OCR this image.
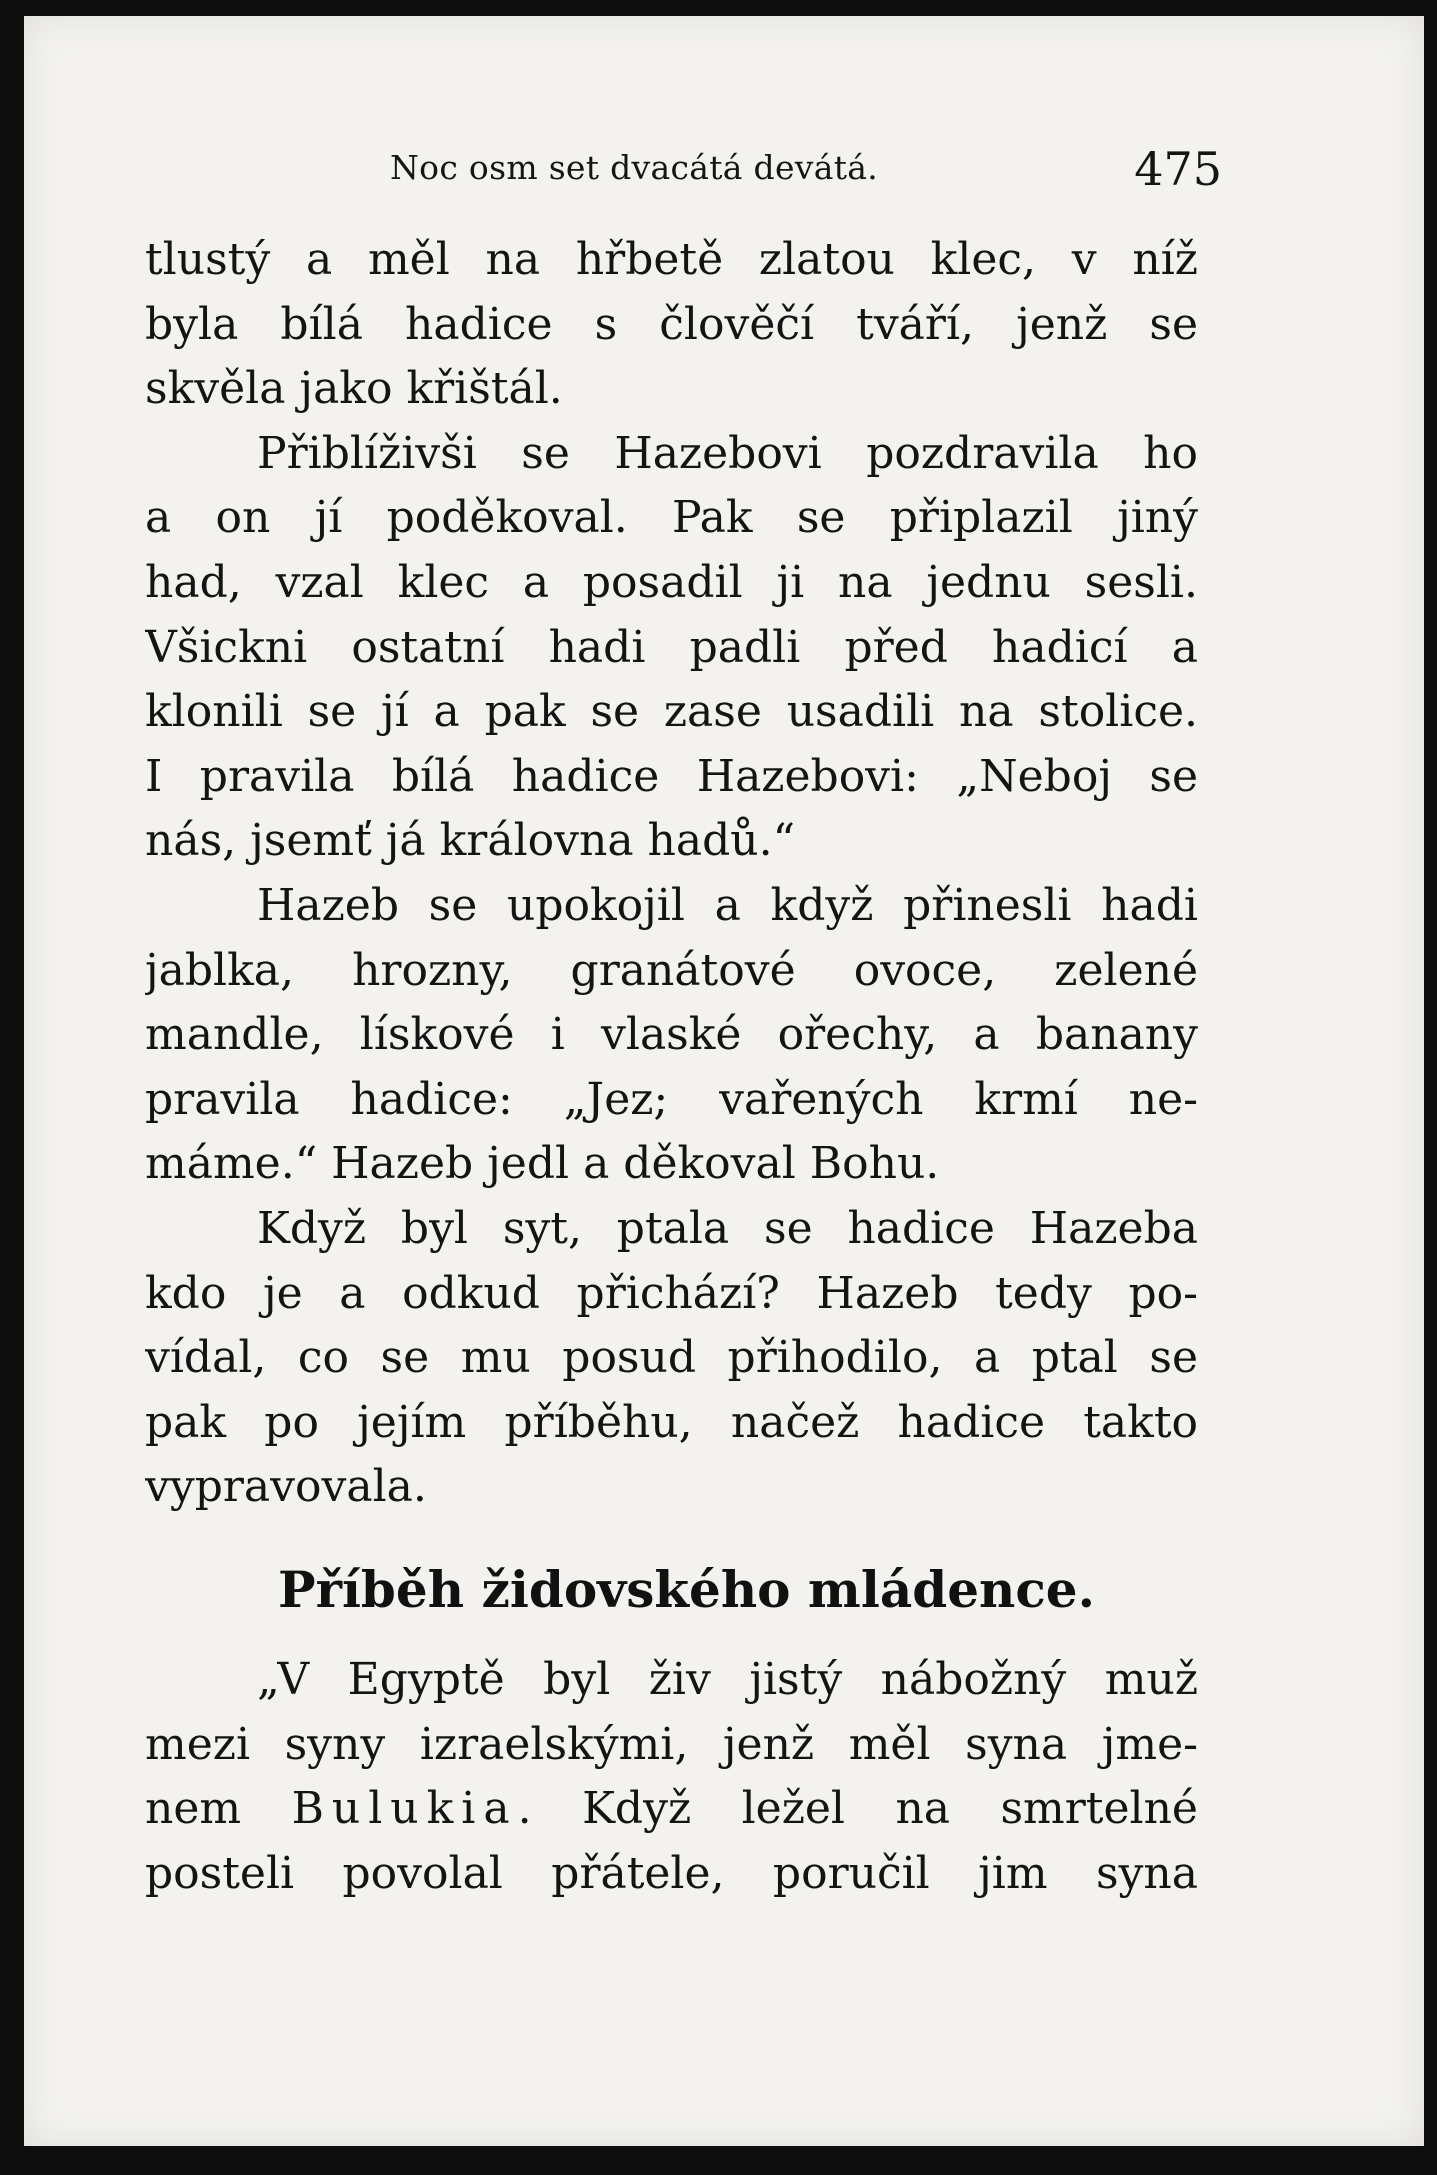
Noc osm set dvacátá devátá.	475
tlustý a měl na hřbetě zlatou klec, v níž
byla bílá hadice s člověčí tváří, jenž se
skvěla jako křištál.
Přiblíživši se Hazebovi pozdravila ho
a on jí poděkoval. Pak se připlazil jiný
had, vzal klec a posadil ji na jednu sesli.
Všickni ostatní hadi padli před hadicí a
klonili se jí a pak se zase usadili na stolice.
I pravila bílá hadice Hazebovi: „Neboj se
nás, jsemť já královna hadů.“
Hazeb se upokojil a když přinesli hadi
jablka, hrozny, granátové ovoce, zelené
mandle, lískové i vlaské ořechy, a banany
pravila hadice: „Jez; vařených krmí ne-
máme.“ Hazeb jedl a děkoval Bohu.
Když byl syt, ptala se hadice Hazeba
kdo je a odkud přichází? Hazeb tedy po-
vídal, co se mu posud přihodilo, a ptal se
pak po jejím příběhu, načež hadice takto
vypravovala.
Příběh židovského mládence.
„V Egyptě byl živ jistý nábožný muž
mezi syny izraelskými, jenž měl syna jme-
nem Bulukia. Když ležel na smrtelné
posteli povolal přátele, poručil jim syna
